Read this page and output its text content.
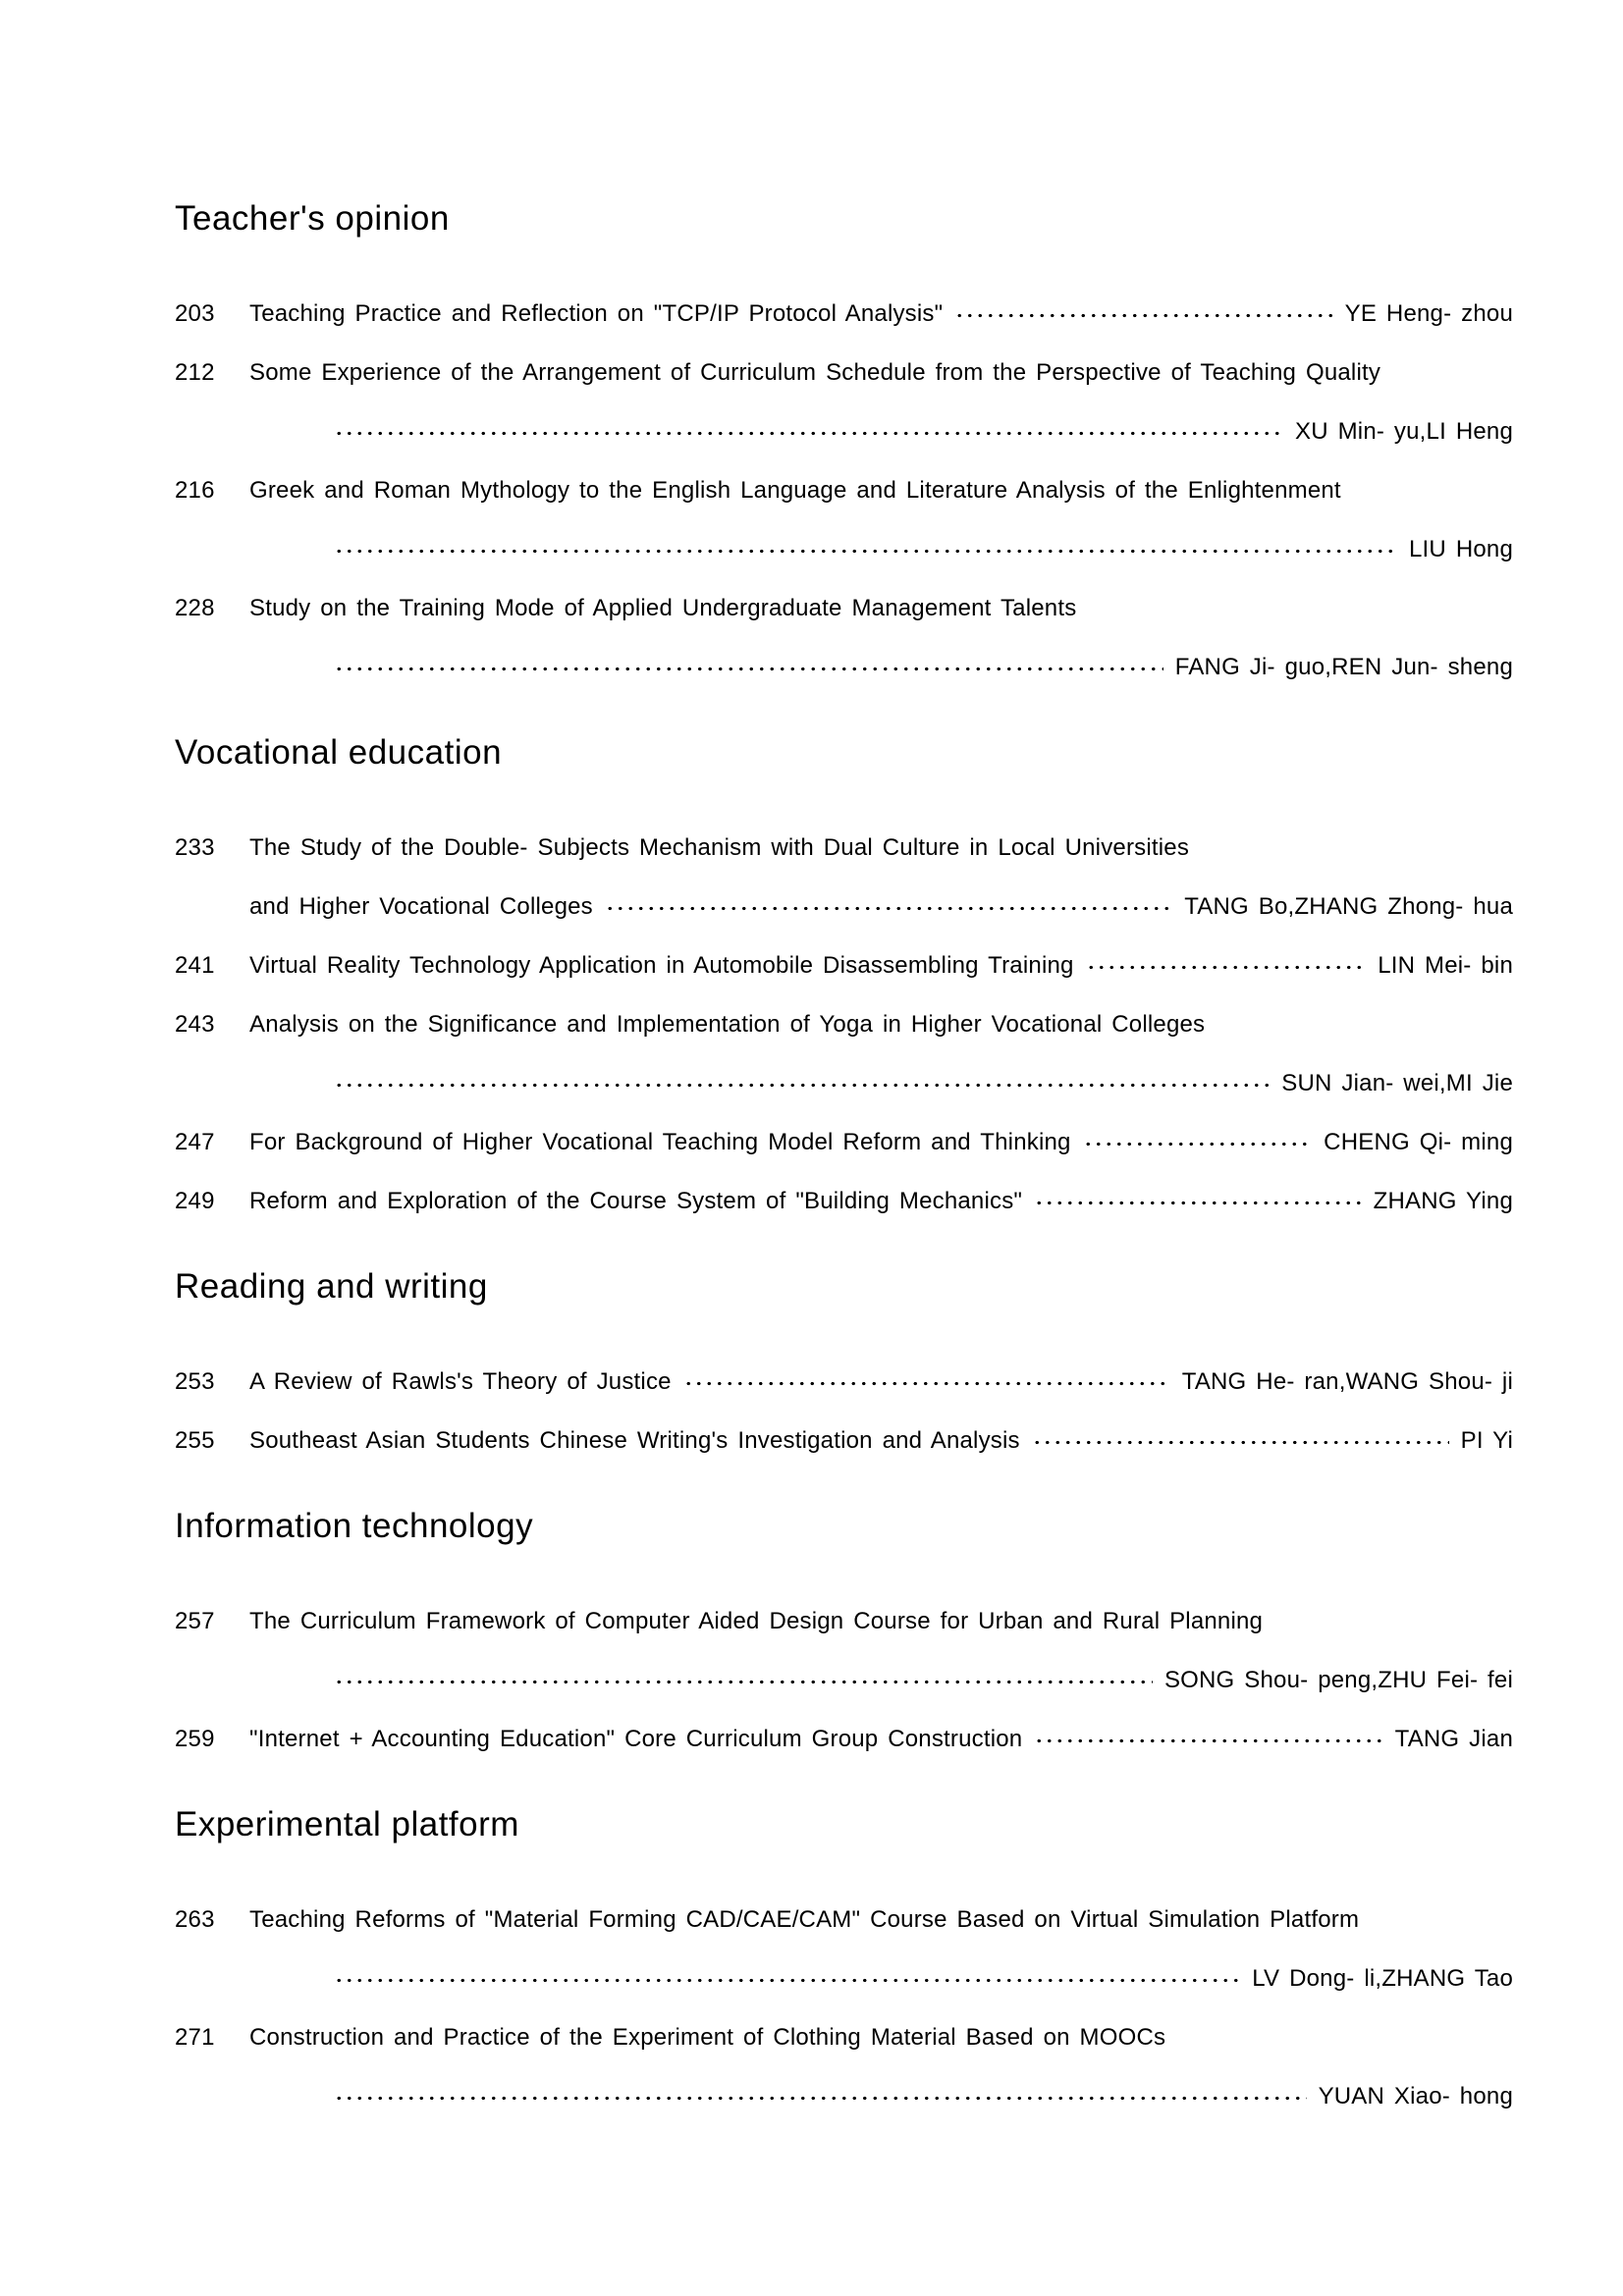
Teacher's opinion
203	Teaching Practice and Reflection on "TCP/IP Protocol Analysis"	YE Heng- zhou
212	Some Experience of the Arrangement of Curriculum Schedule from the Perspective of Teaching Quality
XU Min- yu,LI Heng
216	Greek and Roman Mythology to the English Language and Literature Analysis of the Enlightenment
LIU Hong
228	Study on the Training Mode of Applied Undergraduate Management Talents
FANG Ji- guo,REN Jun- sheng
Vocational education
233	The Study of the Double- Subjects Mechanism with Dual Culture in Local Universities
and Higher Vocational Colleges	TANG Bo,ZHANG Zhong- hua
241	Virtual Reality Technology Application in Automobile Disassembling Training	LIN Mei- bin
243	Analysis on the Significance and Implementation of Yoga in Higher Vocational Colleges
SUN Jian- wei,MI Jie
247	For Background of Higher Vocational Teaching Model Reform and Thinking	CHENG Qi- ming
249	Reform and Exploration of the Course System of "Building Mechanics"	ZHANG Ying
Reading and writing
253	A Review of Rawls's Theory of Justice	TANG He- ran,WANG Shou- ji
255	Southeast Asian Students Chinese Writing's Investigation and Analysis	PI Yi
Information technology
257	The Curriculum Framework of Computer Aided Design Course for Urban and Rural Planning
SONG Shou- peng,ZHU Fei- fei
259	"Internet + Accounting Education" Core Curriculum Group Construction	TANG Jian
Experimental platform
263	Teaching Reforms of "Material Forming CAD/CAE/CAM" Course Based on Virtual Simulation Platform
LV Dong- li,ZHANG Tao
271	Construction and Practice of the Experiment of Clothing Material Based on MOOCs
YUAN Xiao- hong
